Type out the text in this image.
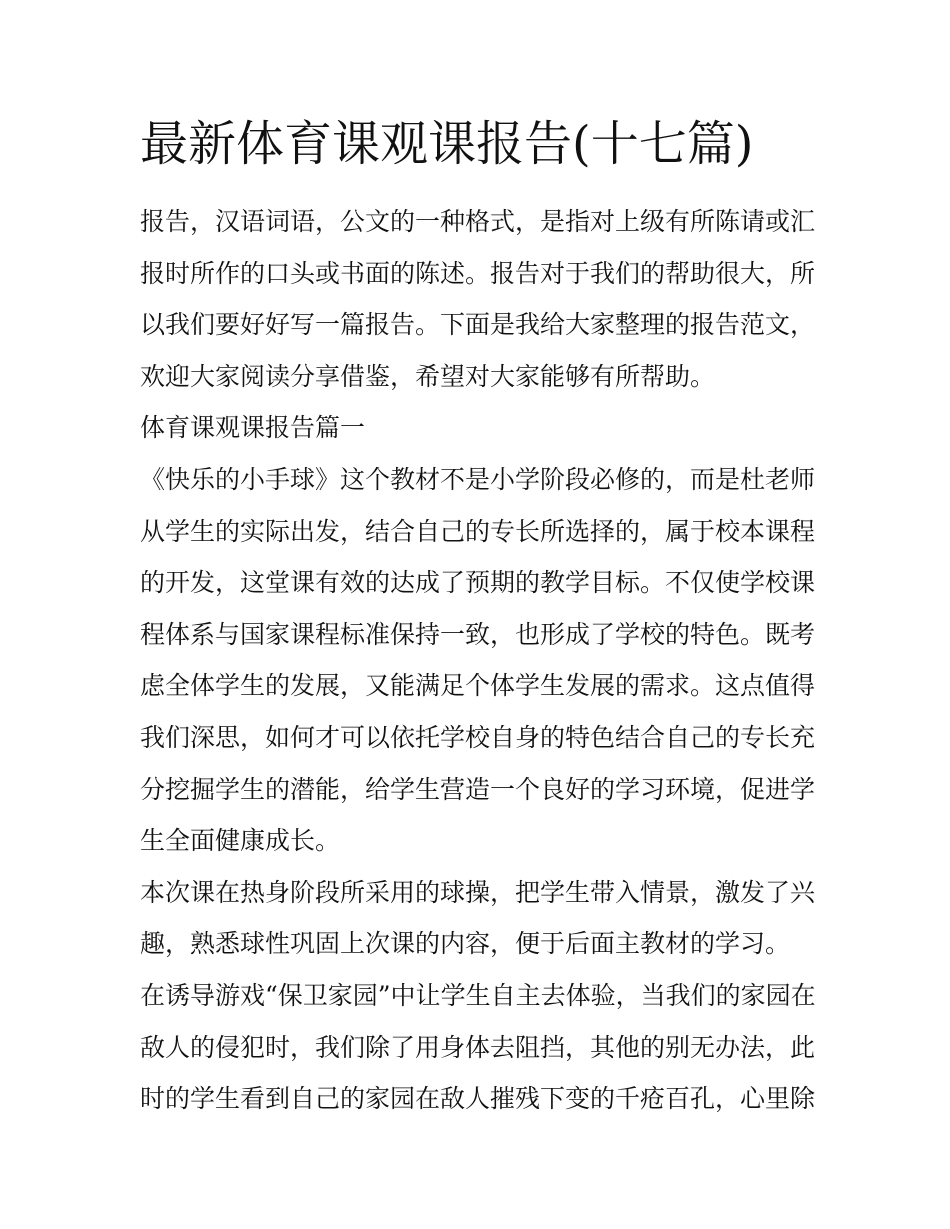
最新体育课观课报告(十七篇)

报告，汉语词语，公文的一种格式，是指对上级有所陈请或汇

报时所作的口头或书面的陈述。报告对于我们的帮助很大，所

以我们要好好写一篇报告。下面是我给大家整理的报告范文，

欢迎大家阅读分享借鉴，希望对大家能够有所帮助。

体育课观课报告篇一

《快乐的小手球》这个教材不是小学阶段必修的，而是杜老师

从学生的实际出发，结合自己的专长所选择的，属于校本课程

的开发，这堂课有效的达成了预期的教学目标。不仅使学校课

程体系与国家课程标准保持一致，也形成了学校的特色。既考

虑全体学生的发展，又能满足个体学生发展的需求。这点值得

我们深思，如何才可以依托学校自身的特色结合自己的专长充

分挖掘学生的潜能，给学生营造一个良好的学习环境，促进学

生全面健康成长。

本次课在热身阶段所采用的球操，把学生带入情景，激发了兴

趣，熟悉球性巩固上次课的内容，便于后面主教材的学习。

在诱导游戏“保卫家园”中让学生自主去体验，当我们的家园在

敌人的侵犯时，我们除了用身体去阻挡，其他的别无办法，此

时的学生看到自己的家园在敌人摧残下变的千疮百孔，心里除
